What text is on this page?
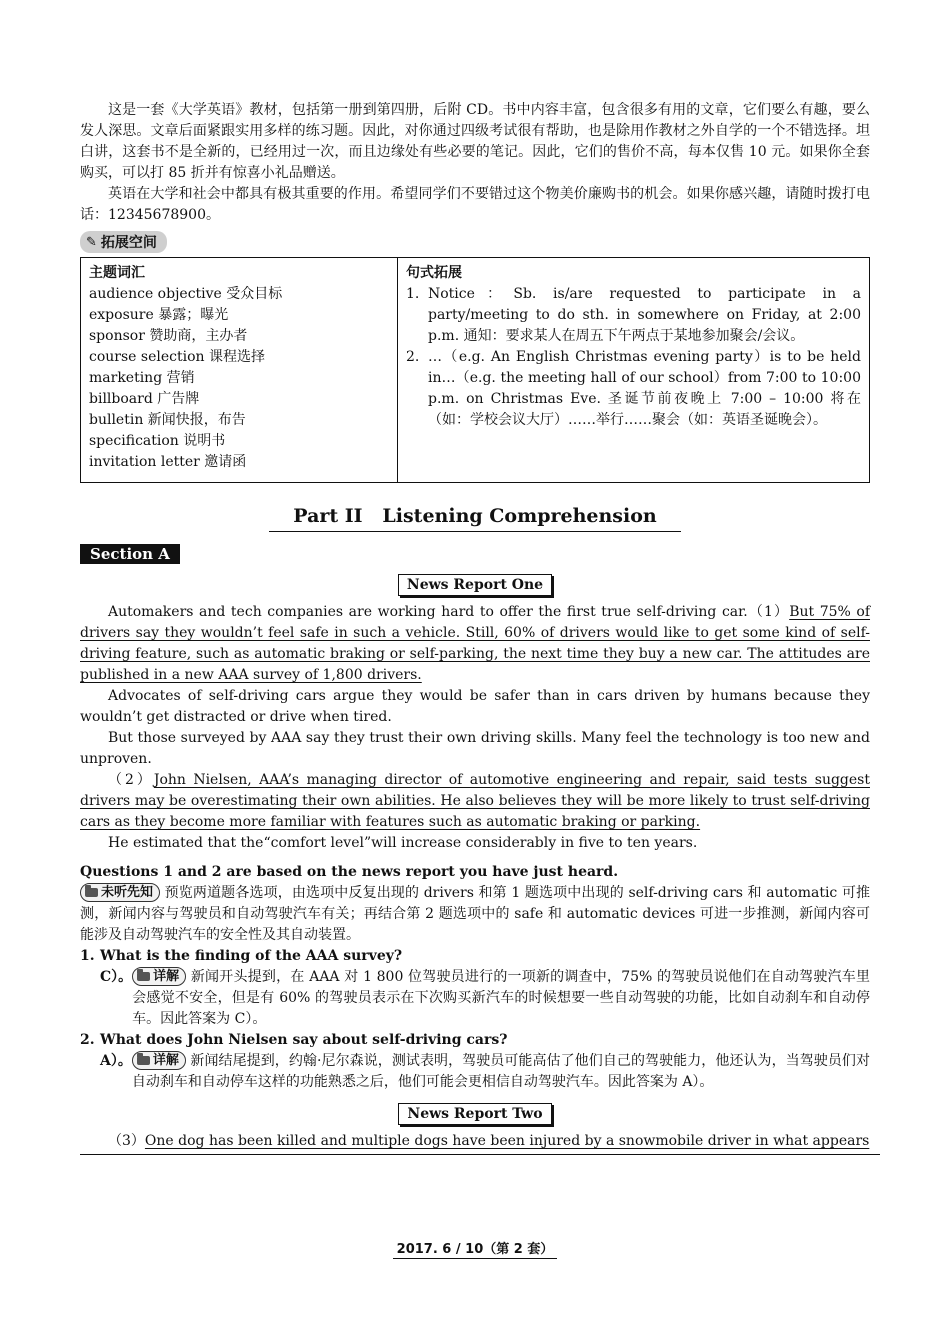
这是一套《大学英语》教材，包括第一册到第四册，后附 CD。书中内容丰富，包含很多有用的文章，它们要么有趣，要么发人深思。文章后面紧跟实用多样的练习题。因此，对你通过四级考试很有帮助，也是除用作教材之外自学的一个不错选择。坦白讲，这套书不是全新的，已经用过一次，而且边缘处有些必要的笔记。因此，它们的售价不高，每本仅售 10 元。如果你全套购买，可以打 85 折并有惊喜小礼品赠送。

英语在大学和社会中都具有极其重要的作用。希望同学们不要错过这个物美价廉购书的机会。如果你感兴趣，请随时拨打电话：12345678900。

✎ 拓展空间
主题词汇
audience objective 受众目标
exposure 暴露；曝光
sponsor 赞助商，主办者
course selection 课程选择
marketing 营销
billboard 广告牌
bulletin 新闻快报，布告
specification 说明书
invitation letter 邀请函
句式拓展
1. Notice：Sb. is/are requested to participate in a party/meeting to do sth. in somewhere on Friday, at 2:00 p.m. 通知：要求某人在周五下午两点于某地参加聚会/会议。
2. …（e.g. An English Christmas evening party）is to be held in…（e.g. the meeting hall of our school）from 7:00 to 10:00 p.m. on Christmas Eve. 圣诞节前夜晚上 7:00 – 10:00 将在（如：学校会议大厅）……举行……聚会（如：英语圣诞晚会）。
Part II   Listening Comprehension
Section A
News Report One

Automakers and tech companies are working hard to offer the first true self-driving car.（1）But 75% of drivers say they wouldn’t feel safe in such a vehicle. Still, 60% of drivers would like to get some kind of self-driving feature, such as automatic braking or self-parking, the next time they buy a new car. The attitudes are published in a new AAA survey of 1,800 drivers.

Advocates of self-driving cars argue they would be safer than in cars driven by humans because they wouldn’t get distracted or drive when tired.

But those surveyed by AAA say they trust their own driving skills. Many feel the technology is too new and unproven.

（2）John Nielsen, AAA’s managing director of automotive engineering and repair, said tests suggest drivers may be overestimating their own abilities. He also believes they will be more likely to trust self-driving cars as they become more familiar with features such as automatic braking or parking.

He estimated that the“comfort level”will increase considerably in five to ten years.

Questions 1 and 2 are based on the news report you have just heard.

未听先知 预览两道题各选项，由选项中反复出现的 drivers 和第 1 题选项中出现的 self-driving cars 和 automatic 可推测，新闻内容与驾驶员和自动驾驶汽车有关；再结合第 2 题选项中的 safe 和 automatic devices 可进一步推测，新闻内容可能涉及自动驾驶汽车的安全性及其自动装置。

1. What is the finding of the AAA survey?
C）。 详解 新闻开头提到，在 AAA 对 1 800 位驾驶员进行的一项新的调查中，75% 的驾驶员说他们在自动驾驶汽车里会感觉不安全，但是有 60% 的驾驶员表示在下次购买新汽车的时候想要一些自动驾驶的功能，比如自动刹车和自动停车。因此答案为 C）。
2. What does John Nielsen say about self-driving cars?
A）。 详解 新闻结尾提到，约翰·尼尔森说，测试表明，驾驶员可能高估了他们自己的驾驶能力，他还认为，当驾驶员们对自动刹车和自动停车这样的功能熟悉之后，他们可能会更相信自动驾驶汽车。因此答案为 A）。
News Report Two

（3）One dog has been killed and multiple dogs have been injured by a snowmobile driver in what appears

2017. 6 / 10（第 2 套）
